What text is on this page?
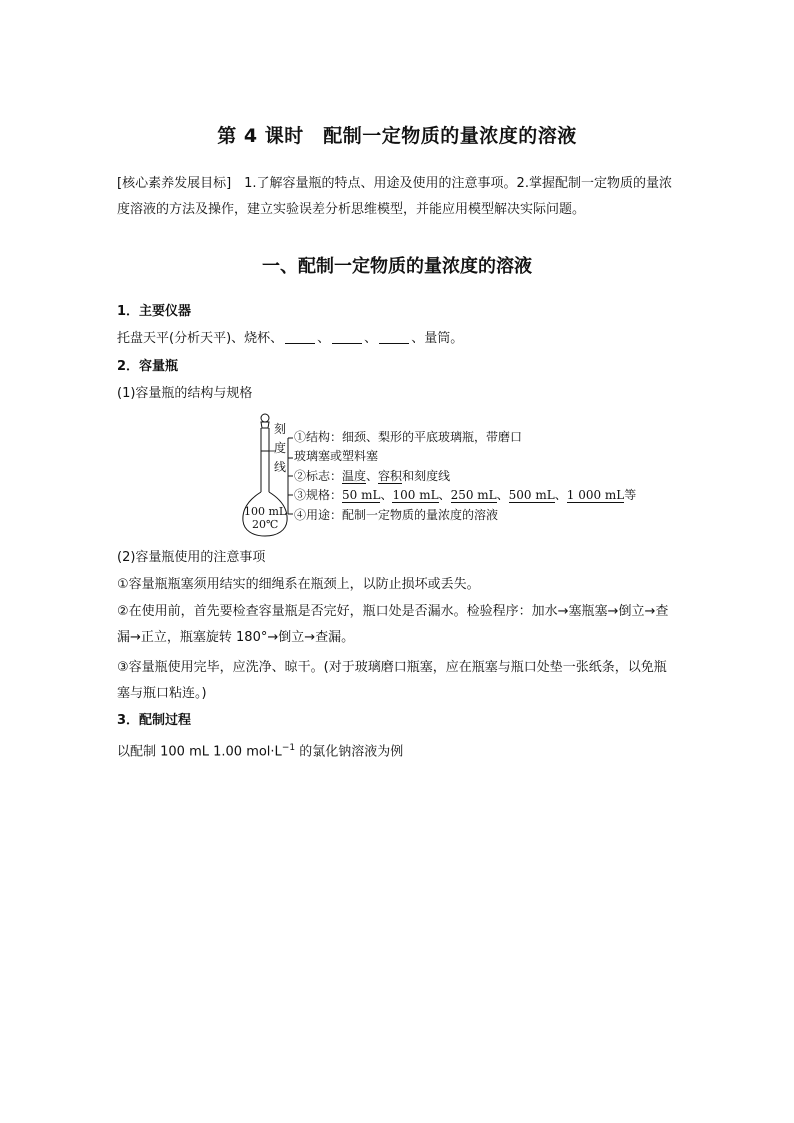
第 4 课时　配制一定物质的量浓度的溶液
[核心素养发展目标]　1.了解容量瓶的特点、用途及使用的注意事项。2.掌握配制一定物质的量浓度溶液的方法及操作，建立实验误差分析思维模型，并能应用模型解决实际问题。
一、配制一定物质的量浓度的溶液
1．主要仪器
托盘天平(分析天平)、烧杯、	、	、	、量筒。
2．容量瓶
(1)容量瓶的结构与规格
刻
度
线
100 mL
20℃
①结构：细颈、梨形的平底玻璃瓶，带磨口
玻璃塞或塑料塞
②标志：温度、容积和刻度线
③规格：50 mL、100 mL、250 mL、500 mL、1 000 mL等
④用途：配制一定物质的量浓度的溶液
(2)容量瓶使用的注意事项
①容量瓶瓶塞须用结实的细绳系在瓶颈上，以防止损坏或丢失。
②在使用前，首先要检查容量瓶是否完好，瓶口处是否漏水。检验程序：加水→塞瓶塞→倒立→查漏→正立，瓶塞旋转 180°→倒立→查漏。
③容量瓶使用完毕，应洗净、晾干。(对于玻璃磨口瓶塞，应在瓶塞与瓶口处垫一张纸条，以免瓶塞与瓶口粘连。)
3．配制过程
以配制 100 mL 1.00 $mol\cdot L^{-1}$ 的氯化钠溶液为例
